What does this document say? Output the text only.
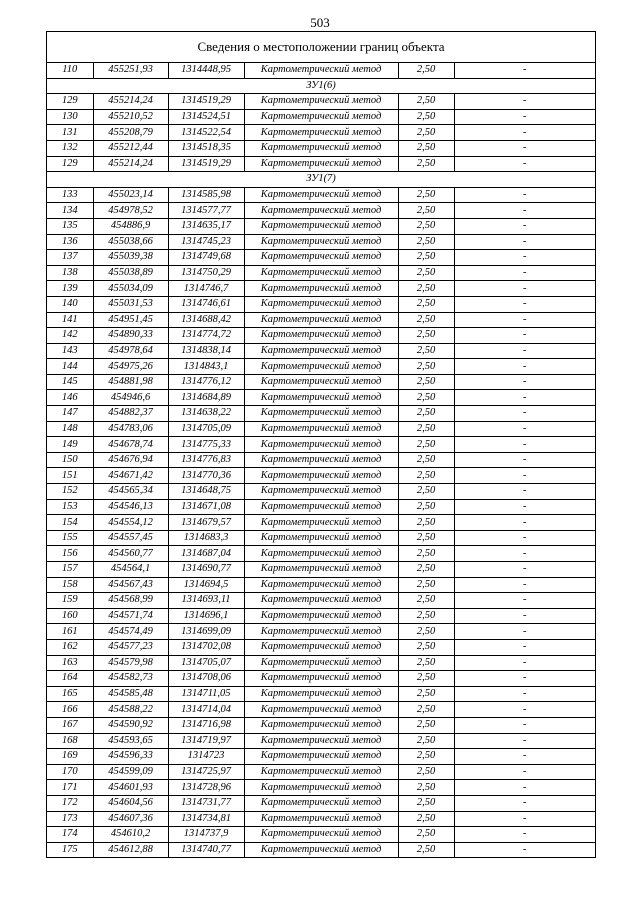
503
Сведения о местоположении границ объекта
110	455251,93	1314448,95	Картометрический метод	2,50	-
ЗУ1(6)					
129	455214,24	1314519,29	Картометрический метод	2,50	-
130	455210,52	1314524,51	Картометрический метод	2,50	-
131	455208,79	1314522,54	Картометрический метод	2,50	-
132	455212,44	1314518,35	Картометрический метод	2,50	-
129	455214,24	1314519,29	Картометрический метод	2,50	-
ЗУ1(7)					
133	455023,14	1314585,98	Картометрический метод	2,50	-
134	454978,52	1314577,77	Картометрический метод	2,50	-
135	454886,9	1314635,17	Картометрический метод	2,50	-
136	455038,66	1314745,23	Картометрический метод	2,50	-
137	455039,38	1314749,68	Картометрический метод	2,50	-
138	455038,89	1314750,29	Картометрический метод	2,50	-
139	455034,09	1314746,7	Картометрический метод	2,50	-
140	455031,53	1314746,61	Картометрический метод	2,50	-
141	454951,45	1314688,42	Картометрический метод	2,50	-
142	454890,33	1314774,72	Картометрический метод	2,50	-
143	454978,64	1314838,14	Картометрический метод	2,50	-
144	454975,26	1314843,1	Картометрический метод	2,50	-
145	454881,98	1314776,12	Картометрический метод	2,50	-
146	454946,6	1314684,89	Картометрический метод	2,50	-
147	454882,37	1314638,22	Картометрический метод	2,50	-
148	454783,06	1314705,09	Картометрический метод	2,50	-
149	454678,74	1314775,33	Картометрический метод	2,50	-
150	454676,94	1314776,83	Картометрический метод	2,50	-
151	454671,42	1314770,36	Картометрический метод	2,50	-
152	454565,34	1314648,75	Картометрический метод	2,50	-
153	454546,13	1314671,08	Картометрический метод	2,50	-
154	454554,12	1314679,57	Картометрический метод	2,50	-
155	454557,45	1314683,3	Картометрический метод	2,50	-
156	454560,77	1314687,04	Картометрический метод	2,50	-
157	454564,1	1314690,77	Картометрический метод	2,50	-
158	454567,43	1314694,5	Картометрический метод	2,50	-
159	454568,99	1314693,11	Картометрический метод	2,50	-
160	454571,74	1314696,1	Картометрический метод	2,50	-
161	454574,49	1314699,09	Картометрический метод	2,50	-
162	454577,23	1314702,08	Картометрический метод	2,50	-
163	454579,98	1314705,07	Картометрический метод	2,50	-
164	454582,73	1314708,06	Картометрический метод	2,50	-
165	454585,48	1314711,05	Картометрический метод	2,50	-
166	454588,22	1314714,04	Картометрический метод	2,50	-
167	454590,92	1314716,98	Картометрический метод	2,50	-
168	454593,65	1314719,97	Картометрический метод	2,50	-
169	454596,33	1314723	Картометрический метод	2,50	-
170	454599,09	1314725,97	Картометрический метод	2,50	-
171	454601,93	1314728,96	Картометрический метод	2,50	-
172	454604,56	1314731,77	Картометрический метод	2,50	-
173	454607,36	1314734,81	Картометрический метод	2,50	-
174	454610,2	1314737,9	Картометрический метод	2,50	-
175	454612,88	1314740,77	Картометрический метод	2,50	-
